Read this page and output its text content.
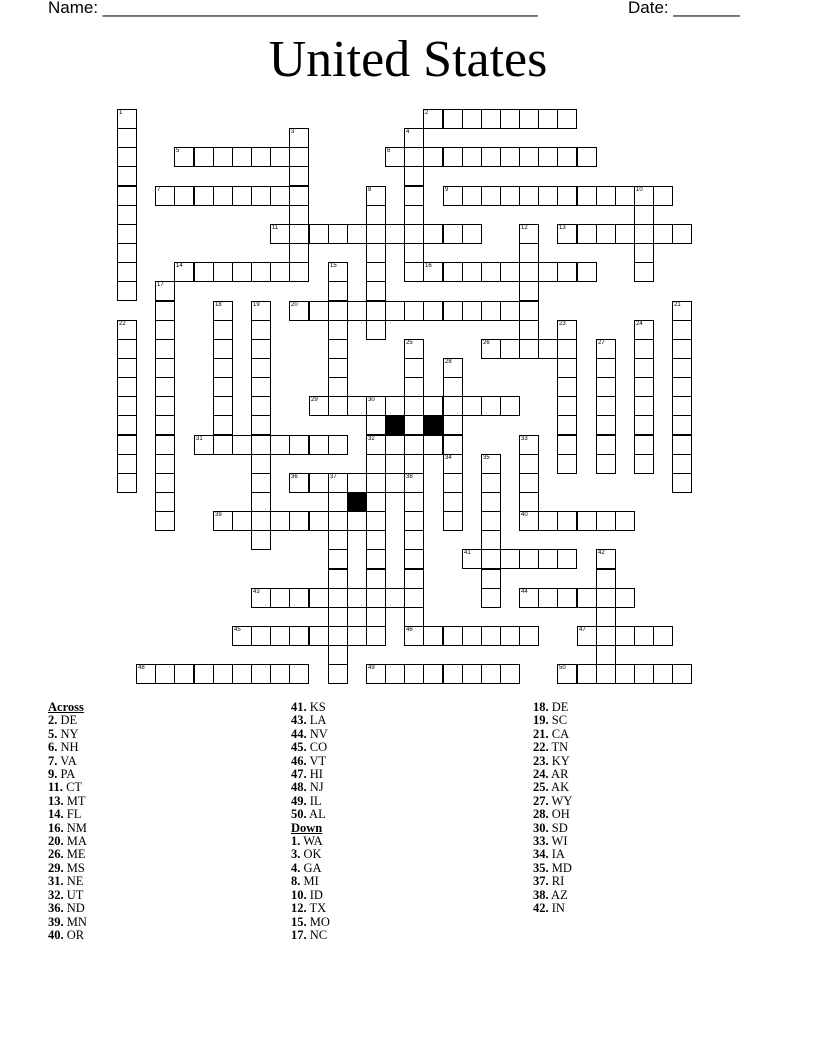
Name: ______________________________________________	Date: _______
United States
2
5	6
7	9	10
11	13
14	16
20
26
29	30
31	32
36	37	38
39	40
41
43	44
45	46	47
48	49	50
1
3	4
8
12
15
17
18	19	21
22	23	24
25	27
28
34
33
35
42
Across
2. DE
5. NY
6. NH
7. VA
9. PA
11. CT
13. MT
14. FL
16. NM
20. MA
26. ME
29. MS
31. NE
32. UT
36. ND
39. MN
40. OR
41. KS
43. LA
44. NV
45. CO
46. VT
47. HI
48. NJ
49. IL
50. AL
Down
1. WA
3. OK
4. GA
8. MI
10. ID
12. TX
15. MO
17. NC
18. DE
19. SC
21. CA
22. TN
23. KY
24. AR
25. AK
27. WY
28. OH
30. SD
33. WI
34. IA
35. MD
37. RI
38. AZ
42. IN
